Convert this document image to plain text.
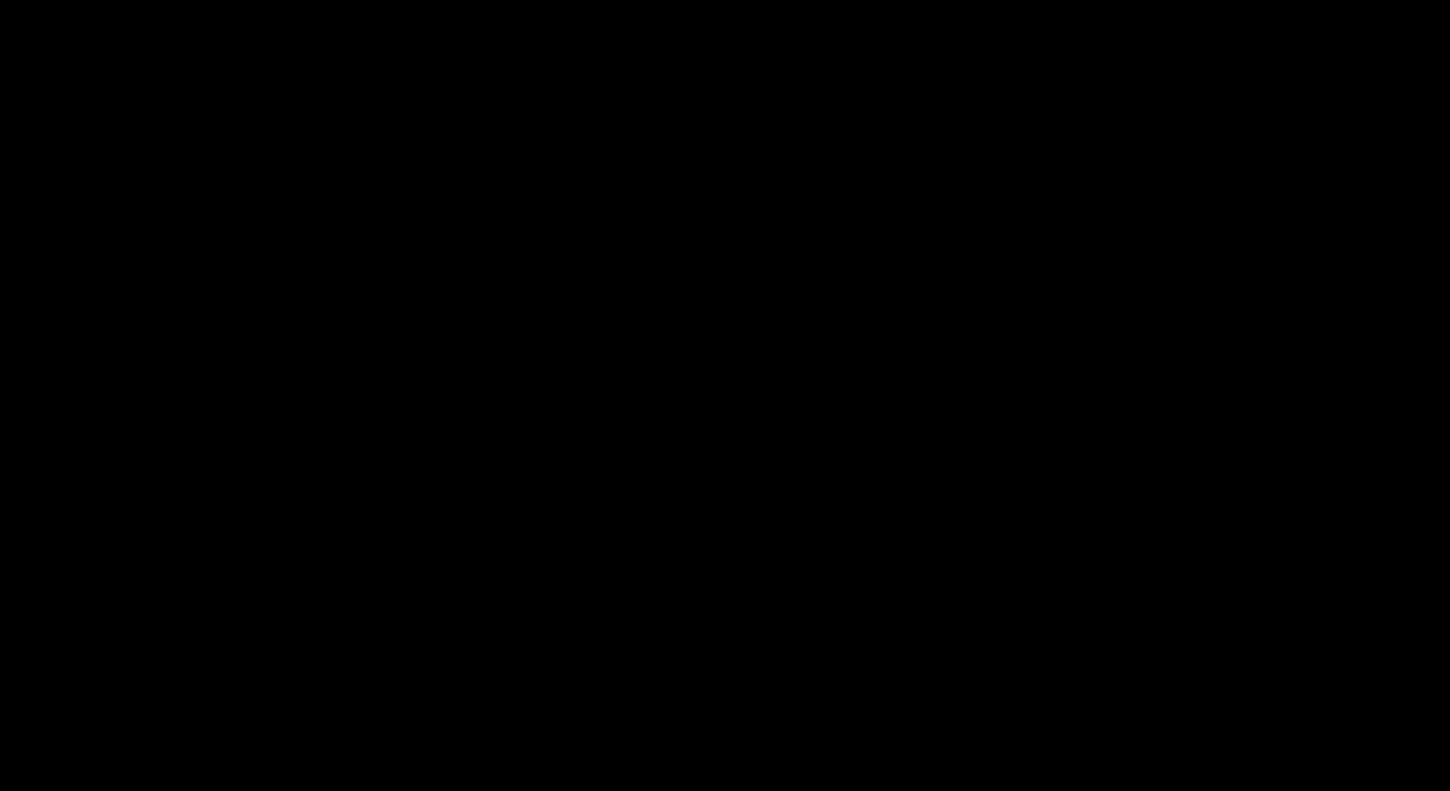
Type（类型）	Item（项目）	Description（描述）	Remark（备注）
	Type（类型）	Li-polymer Battery	
	Voltage（电压）	11.55V	
	Capacity（容量）		
	Front（前置）	2.0MP	
	G_sensor		With DB（YOGA）/NA
	Hall Sensor		
			BIOS MAX TO 1.1W
	Codec		
	MIC(咪头）		A MIC with big core
WIFI（无线局域网）	WIFI chip model（型号）		SIZE/1216
	WIFI Standard（标准）		
	WIFI Frequency（频率）		
	Bluetooth（蓝牙）		
	Version（版本）		
Ethernet（以太网）	Ethernet RJ45（以太网RJ45接口）	NA	
	System（系统）	Windows10& Windows11	
	Language Supported（支持语言）	Support national languages（支持各国语言）	
	UI spec（UI风格）	默认	
Adaptor（适配器）	INPUT（输入）	AC100~240V	
	OUTPUT（输出）	19V*3.42A,60W	
	Type（类型）	Desktop（桌面式）	
AC PowerCord（交流电源线）	Connector Type（接口形式）	3pin M type（3针M接口）	
